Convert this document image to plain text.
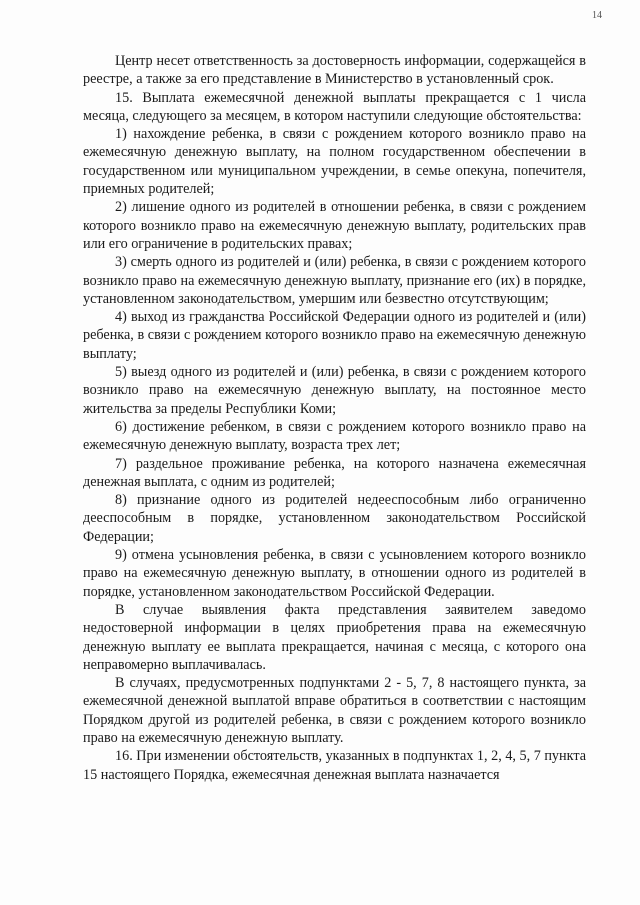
14

Центр несет ответственность за достоверность информации, содержащейся в реестре, а также за его представление в Министерство в установленный срок.

15. Выплата ежемесячной денежной выплаты прекращается с 1 числа месяца, следующего за месяцем, в котором наступили следующие обстоятельства:

1) нахождение ребенка, в связи с рождением которого возникло право на ежемесячную денежную выплату, на полном государственном обеспечении в государственном или муниципальном учреждении, в семье опекуна, попечителя, приемных родителей;

2) лишение одного из родителей в отношении ребенка, в связи с рождением которого возникло право на ежемесячную денежную выплату, родительских прав или его ограничение в родительских правах;

3) смерть одного из родителей и (или) ребенка, в связи с рождением которого возникло право на ежемесячную денежную выплату, признание его (их) в порядке, установленном законодательством, умершим или безвестно отсутствующим;

4) выход из гражданства Российской Федерации одного из родителей и (или) ребенка, в связи с рождением которого возникло право на ежемесячную денежную выплату;

5) выезд одного из родителей и (или) ребенка, в связи с рождением которого возникло право на ежемесячную денежную выплату, на постоянное место жительства за пределы Республики Коми;

6) достижение ребенком, в связи с рождением которого возникло право на ежемесячную денежную выплату, возраста трех лет;

7) раздельное проживание ребенка, на которого назначена ежемесячная денежная выплата, с одним из родителей;

8) признание одного из родителей недееспособным либо ограниченно дееспособным в порядке, установленном законодательством Российской Федерации;

9) отмена усыновления ребенка, в связи с усыновлением которого возникло право на ежемесячную денежную выплату, в отношении одного из родителей в порядке, установленном законодательством Российской Федерации.

В случае выявления факта представления заявителем заведомо недостоверной информации в целях приобретения права на ежемесячную денежную выплату ее выплата прекращается, начиная с месяца, с которого она неправомерно выплачивалась.

В случаях, предусмотренных подпунктами 2 - 5, 7, 8 настоящего пункта, за ежемесячной денежной выплатой вправе обратиться в соответствии с настоящим Порядком другой из родителей ребенка, в связи с рождением которого возникло право на ежемесячную денежную выплату.

16. При изменении обстоятельств, указанных в подпунктах 1, 2, 4, 5, 7 пункта 15 настоящего Порядка, ежемесячная денежная выплата назначается
